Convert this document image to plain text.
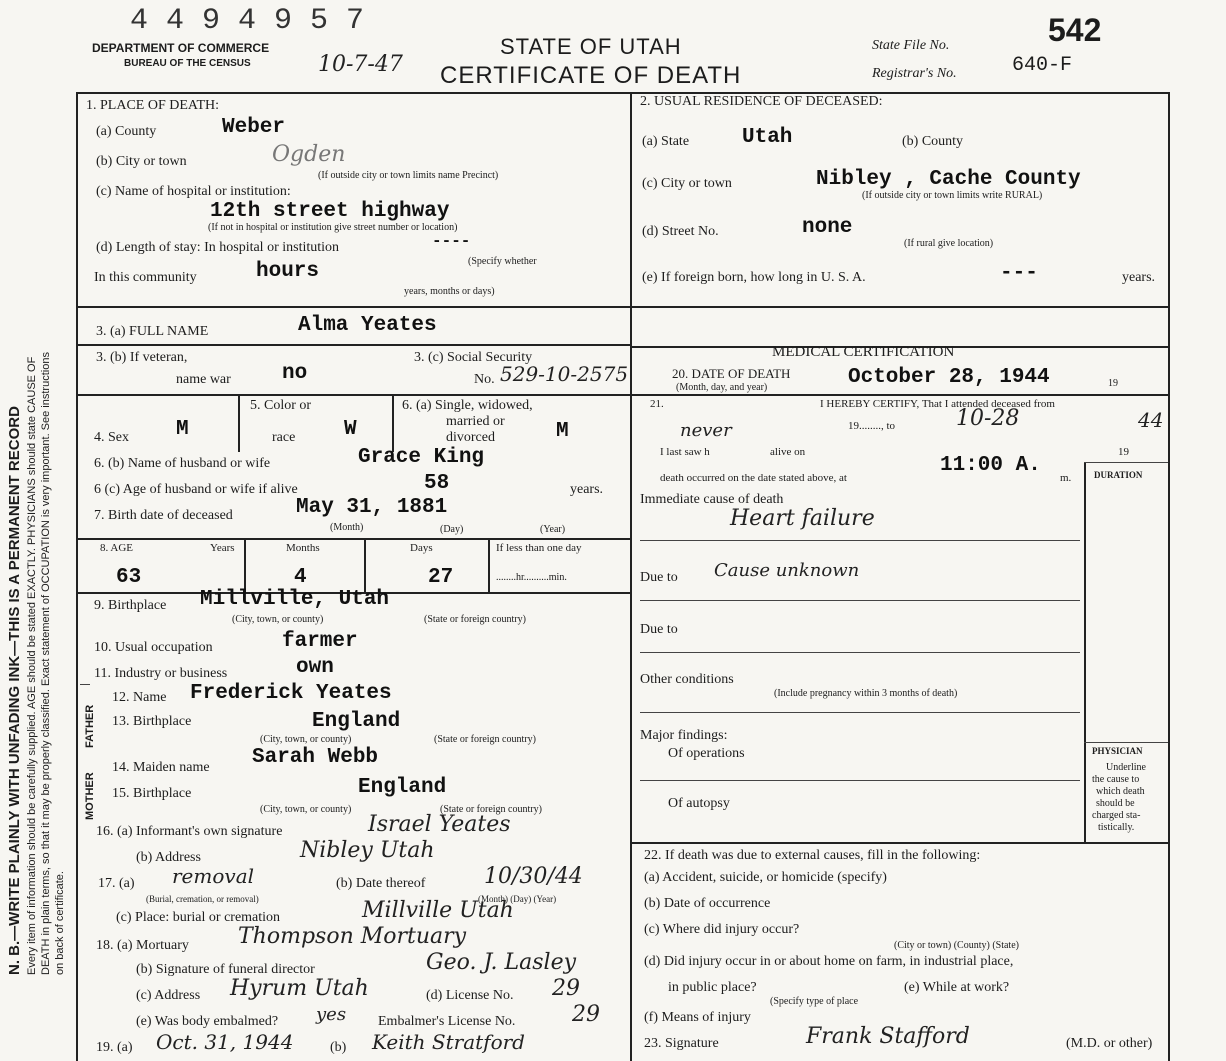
N. B.—WRITE PLAINLY WITH UNFADING INK—THIS IS A PERMANENT RECORD Every item of information should be carefully supplied. AGE should be stated EXACTLY. PHYSICIANS should state CAUSE OF DEATH in plain terms, so that it may be properly classified. Exact statement of OCCUPATION is very important. See instructions on back of certificate.
4 4 9 4 9 5 7
10-7-47
DEPARTMENT OF COMMERCE
BUREAU OF THE CENSUS
STATE OF UTAH
CERTIFICATE OF DEATH
State File No.	542
Registrar's No.	640-F
1. PLACE OF DEATH:
(a) County	Weber
(b) City or town	Ogden
(If outside city or town limits name Precinct)
(c) Name of hospital or institution:
12th street highway
(If not in hospital or institution give street number or location)
(d) Length of stay: In hospital or institution	----
In this community	hours	(Specify whether
years, months or days)
2. USUAL RESIDENCE OF DECEASED:
(a) State	Utah	(b) County
(c) City or town	Nibley , Cache County
(If outside city or town limits write RURAL)
(d) Street No.	none
(If rural give location)
(e) If foreign born, how long in U. S. A.	---	years.
3. (a) FULL NAME	Alma Yeates
3. (b) If veteran,
name war no
3. (c) Social Security
No. 529-10-2575
5. Color or	6. (a) Single, widowed,
married or
divorced
4. Sex M	race W	M
6. (b) Name of husband or wife	Grace King
6 (c) Age of husband or wife if alive	58	years.
7. Birth date of deceased	May 31, 1881
(Month)	(Day)	(Year)
8. AGE	Years	Months	Days	If less than one day
63	4	27	........hr..........min.
9. Birthplace Millville, Utah
(City, town, or county)	(State or foreign country)
10. Usual occupation	farmer
11. Industry or business	own
FATHER
12. Name Frederick Yeates
13. Birthplace	England
(City, town, or county)	(State or foreign country)
MOTHER
14. Maiden name Sarah Webb
15. Birthplace	England
(City, town, or county)	(State or foreign country)
16. (a) Informant's own signature	Israel Yeates
(b) Address	Nibley Utah
17. (a) removal	(b) Date thereof	10/30/44
(Burial, cremation, or removal)	(Month) (Day) (Year)
(c) Place: burial or cremation	Millville Utah
18. (a) Mortuary Thompson Mortuary
(b) Signature of funeral director	Geo. J. Lasley
(c) Address Hyrum Utah	(d) License No. 29
(e) Was body embalmed? yes Embalmer's License No.	29
19. (a) Oct. 31, 1944	(b) Keith Stratford
MEDICAL CERTIFICATION
20. DATE OF DEATH
(Month, day, and year)	October 28, 1944	19
21.	I HEREBY CERTIFY, That I attended deceased from
never	19........, to	10-28	44
I last saw h	alive on	19
death occurred on the date stated above, at
11:00 A.
m.	DURATION
Immediate cause of death
Heart failure
Due to Cause unknown
Due to
Other conditions
(Include pregnancy within 3 months of death)
Major findings:
Of operations
Of autopsy
PHYSICIAN
Underline
the cause to
which death
should be
charged sta-
tistically.
22. If death was due to external causes, fill in the following:
(a) Accident, suicide, or homicide (specify)
(b) Date of occurrence
(c) Where did injury occur?
(City or town) (County) (State)
(d) Did injury occur in or about home on farm, in industrial place,
in public place?
(Specify type of place
(e) While at work?
(f) Means of injury
23. Signature	Frank Stafford	(M.D. or other)
